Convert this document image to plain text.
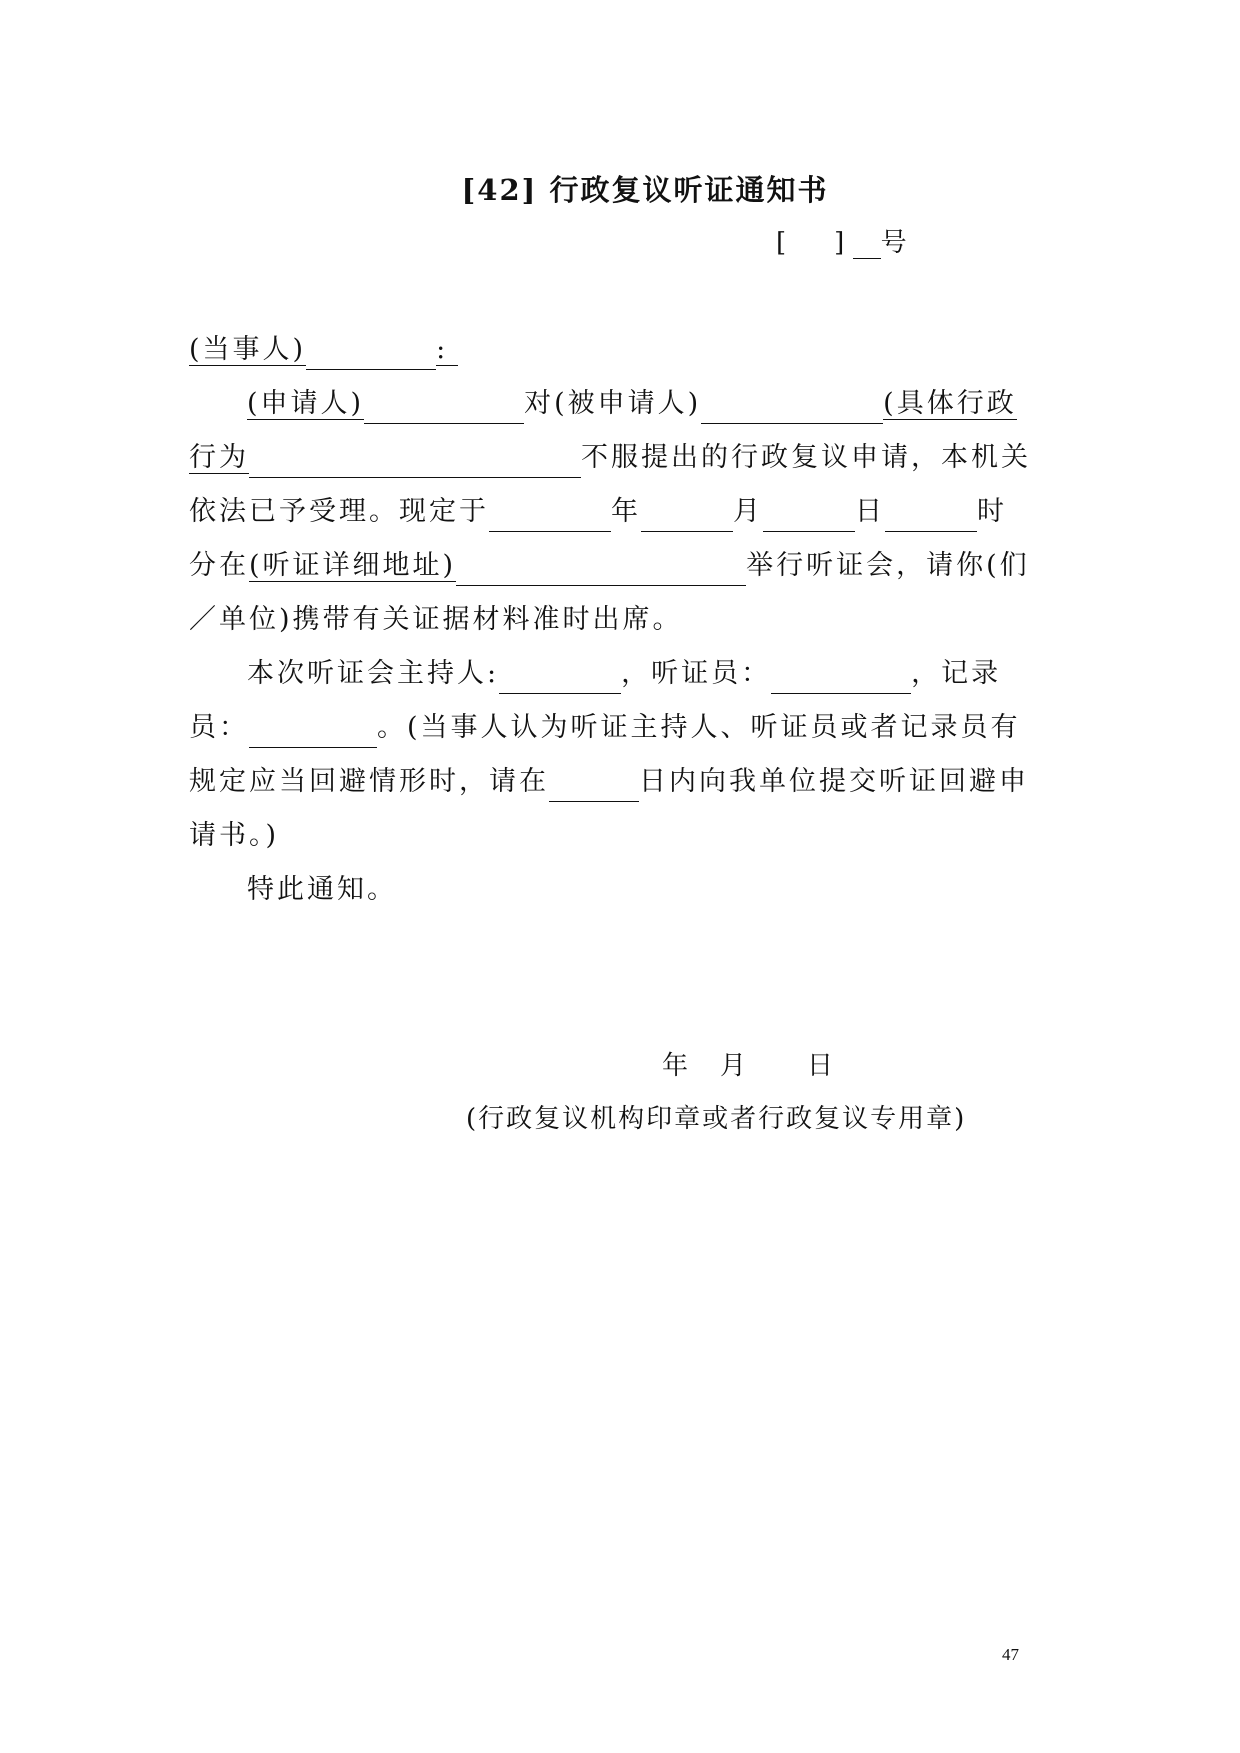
[42] 行政复议听证通知书
[ ] 号
(当事人)	:
(申请人)	对(被申请人)	(具体行政
行为	不服提出的行政复议申请，本机关
依法已予受理。现定于	年	月	日	时
分在(听证详细地址)	举行听证会，请你(们
／单位)携带有关证据材料准时出席。
本次听证会主持人:	，听证员：	，记录
员：	。(当事人认为听证主持人、听证员或者记录员有
规定应当回避情形时，请在	日内向我单位提交听证回避申
请书。)
特此通知。
年　月　　日
(行政复议机构印章或者行政复议专用章)
47
